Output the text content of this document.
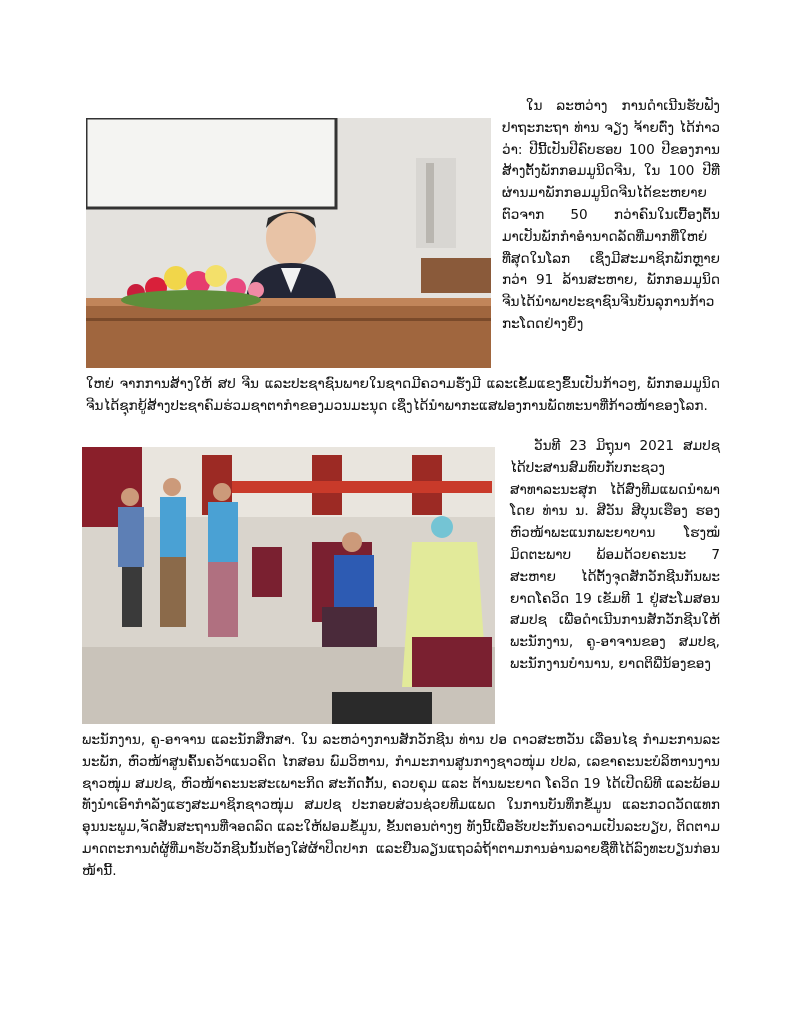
ໃນ ລະຫວ່າງ ການດຳເນີນຮັບຟັງປາຖະກະຖາ ທ່ານ ຈຽງ ຈ້າຍຕົ່ງ ໄດ້ກ່າວວ່າ: ປີນີ້ເປັນປີຄົບຮອບ 100 ປີຂອງການສ້າງຕັ້ງພັກກອມມູນິດຈີນ, ໃນ 100 ປີທີ່ຜ່ານມາພັກກອມມູນິດຈີນໄດ້ຂະຫຍາຍຕົວຈາກ 50 ກວ່າຄົນໃນເບື້ອງຕົ້ນ ມາເປັນພັກກຳອຳນາດລັດທີ່ມາກທີ່ໃຫຍ່ທີ່ສຸດໃນໂລກ ເຊິ່ງມີສະມາຊິກພັກຫຼາຍກວ່າ 91 ລ້ານສະຫາຍ, ພັກກອມມູນິດຈີນໄດ້ນຳພາປະຊາຊົນຈີນບັນລຸການກ້າວກະໂດດຢ່າງຍິ່ງ

ໃຫຍ່ ຈາກການສ້າງໃຫ້ ສປ ຈີນ ແລະປະຊາຊົນພາຍໃນຊາດມີຄວາມຮັ່ງມີ ແລະເຂັ້ມແຂງຂຶ້ນເປັນກ້າວໆ, ພັກກອມມູນິດຈີນໄດ້ຊຸກຍູ້ສ້າງປະຊາຄົມຮ່ວມຊາຕາກຳຂອງມວນມະນຸດ ເຊິ່ງໄດ້ນຳພາກະແສຟອງການພັດທະນາທີ່ກ້າວໜ້າຂອງໂລກ.

ວັນທີ 23 ມິຖຸນາ 2021 ສມປຊ ໄດ້ປະສານສົມທົບກັບກະຊວງສາທາລະນະສຸກ ໄດ້ສົ່ງທີມແພດນຳພາໂດຍ ທ່ານ ນ. ສີວັນ ສີບຸນເຮືອງ ຮອງຫົວໜ້າພະແນກພະຍາບານ ໂຮງໝໍມິດຕະພາບ ພ້ອມດ້ວຍຄະນະ 7 ສະຫາຍ ໄດ້ຕັ້ງຈຸດສັກວັກຊີນກັນພະຍາດໂຄວິດ 19 ເຂັມທີ 1 ຢູ່ສະໂມສອນ ສມປຊ ເພື່ອດຳເນີນການສັກວັກຊີນໃຫ້ ພະນັກງານ, ຄູ-ອາຈານຂອງ ສມປຊ, ພະນັກງານບຳນານ, ຍາດຕິພີ່ນ້ອງຂອງ

ພະນັກງານ, ຄູ-ອາຈານ ແລະນັກສຶກສາ. ໃນ ລະຫວ່າງການສັກວັກຊີນ ທ່ານ ປອ ດາວສະຫວັນ ເລືອນໄຊ ກຳມະການລະນະພັກ, ຫົວໜ້າສູນຄົ້ນຄວ້າແນວຄິດ ໄກສອນ ພົມວິຫານ, ກຳມະການສູນກາງຊາວໜຸ່ມ ປປລ, ເລຂາຄະນະບໍລິຫານງານຊາວໜຸ່ມ ສມປຊ, ຫົວໜ້າຄະນະສະເພາະກິດ ສະກັດກັ້ນ, ຄວບຄຸມ ແລະ ຕ້ານພະຍາດ ໂຄວິດ 19 ໄດ້ເປີດພິທີ ແລະພ້ອມທັງນຳເອົາກຳລັງແຮງສະມາຊິກຊາວໜຸ່ມ ສມປຊ ປະກອບສ່ວນຊ່ວຍທີມແພດ ໃນການບັນທຶກຂໍ້ມູນ ແລະກວດວັດແທກອຸນນະພູມ,ຈັດສັນສະຖານທີ່ຈອດລົດ ແລະໃຫ້ຟອມຂໍ້ມູນ, ຂັ້ນຕອນຕ່າງໆ ທັງນີ້ເພື່ອຮັບປະກັນຄວາມເປັນລະບຽບ, ຕິດຕາມມາດຕະການຕໍ່ຜູ້ທີ່ມາຮັບວັກຊີນນັ້ນຕ້ອງໃສ່ຜ້າປິດປາກ ແລະຢືນລຽນແຖວລໍຖ້າຕາມການອ່ານລາຍຊື່ທີ່ໄດ້ລົງທະບຽນກ່ອນໜ້ານີ້.
